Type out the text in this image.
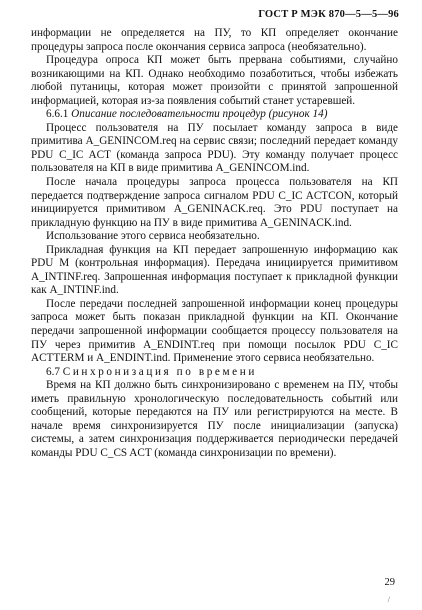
ГОСТ Р МЭК 870—5—5—96

информации не определяется на ПУ, то КП определяет окончание процедуры запроса после окончания сервиса запроса (необязательно).

Процедура опроса КП может быть прервана событиями, случайно возникающими на КП. Однако необходимо позаботиться, чтобы избежать любой путаницы, которая может произойти с принятой запрошенной информацией, которая из-за появления событий станет устаревшей.

6.6.1 Описание последовательности процедур (рисунок 14)

Процесс пользователя на ПУ посылает команду запроса в виде примитива A_GENINCOM.req на сервис связи; последний передает команду PDU C_IC ACT (команда запроса PDU). Эту команду получает процесс пользователя на КП в виде примитива A_GENINCOM.ind.

После начала процедуры запроса процесса пользователя на КП передается подтверждение запроса сигналом PDU C_IC ACTCON, который инициируется примитивом A_GENINACK.req. Это PDU поступает на прикладную функцию на ПУ в виде примитива A_GENINACK.ind.

Использование этого сервиса необязательно.

Прикладная функция на КП передает запрошенную информацию как PDU M (контрольная информация). Передача инициируется примитивом A_INTINF.req. Запрошенная информация поступает к прикладной функции как A_INTINF.ind.

После передачи последней запрошенной информации конец процедуры запроса может быть показан прикладной функции на КП. Окончание передачи запрошенной информации сообщается процессу пользователя на ПУ через примитив A_ENDINT.req при помощи посылок PDU C_IC ACTTERM и A_ENDINT.ind. Применение этого сервиса необязательно.

6.7 Синхронизация по времени

Время на КП должно быть синхронизировано с временем на ПУ, чтобы иметь правильную хронологическую последовательность событий или сообщений, которые передаются на ПУ или регистрируются на месте. В начале время синхронизируется ПУ после инициализации (запуска) системы, а затем синхронизация поддерживается периодически передачей команды PDU C_CS ACT (команда синхронизации по времени).

29
/
